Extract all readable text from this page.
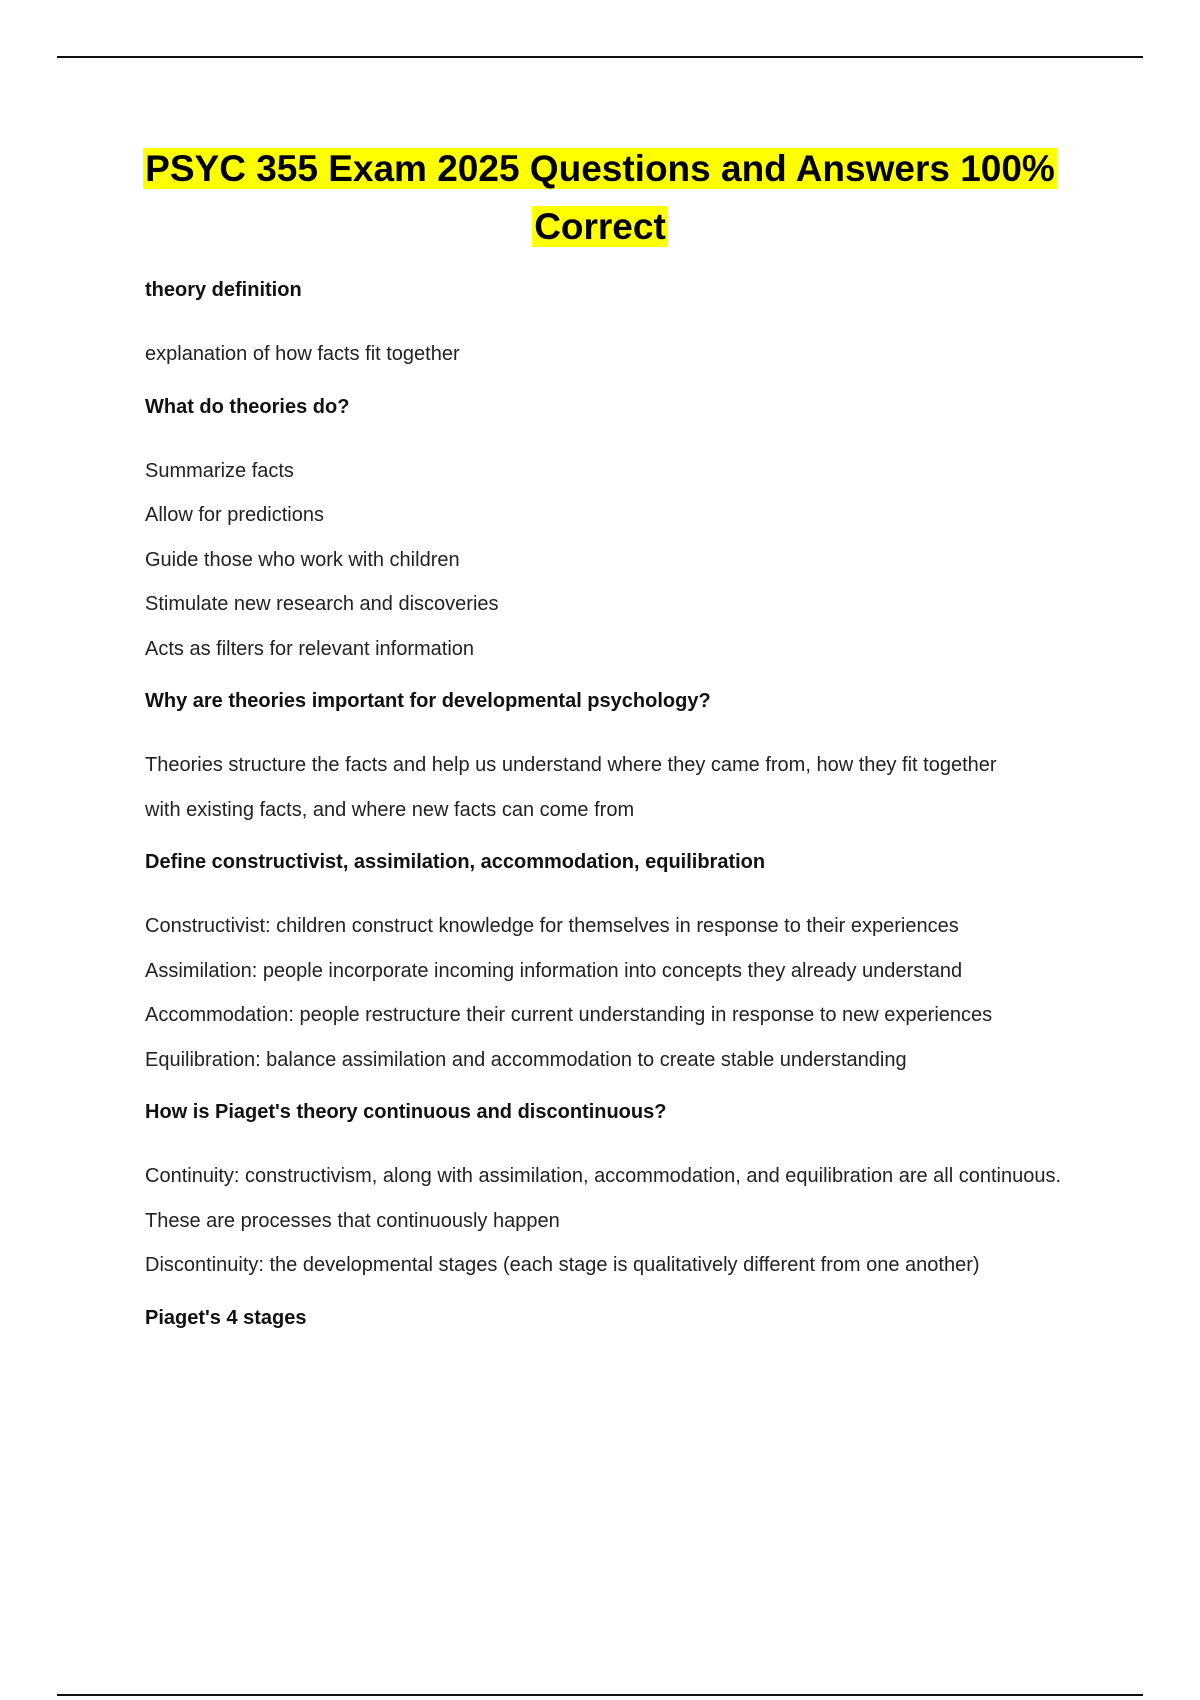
PSYC 355 Exam 2025 Questions and Answers 100% Correct
theory definition
explanation of how facts fit together
What do theories do?
Summarize facts
Allow for predictions
Guide those who work with children
Stimulate new research and discoveries
Acts as filters for relevant information
Why are theories important for developmental psychology?
Theories structure the facts and help us understand where they came from, how they fit together with existing facts, and where new facts can come from
Define constructivist, assimilation, accommodation, equilibration
Constructivist: children construct knowledge for themselves in response to their experiences
Assimilation: people incorporate incoming information into concepts they already understand
Accommodation: people restructure their current understanding in response to new experiences
Equilibration: balance assimilation and accommodation to create stable understanding
How is Piaget's theory continuous and discontinuous?
Continuity: constructivism, along with assimilation, accommodation, and equilibration are all continuous. These are processes that continuously happen
Discontinuity: the developmental stages (each stage is qualitatively different from one another)
Piaget's 4 stages
